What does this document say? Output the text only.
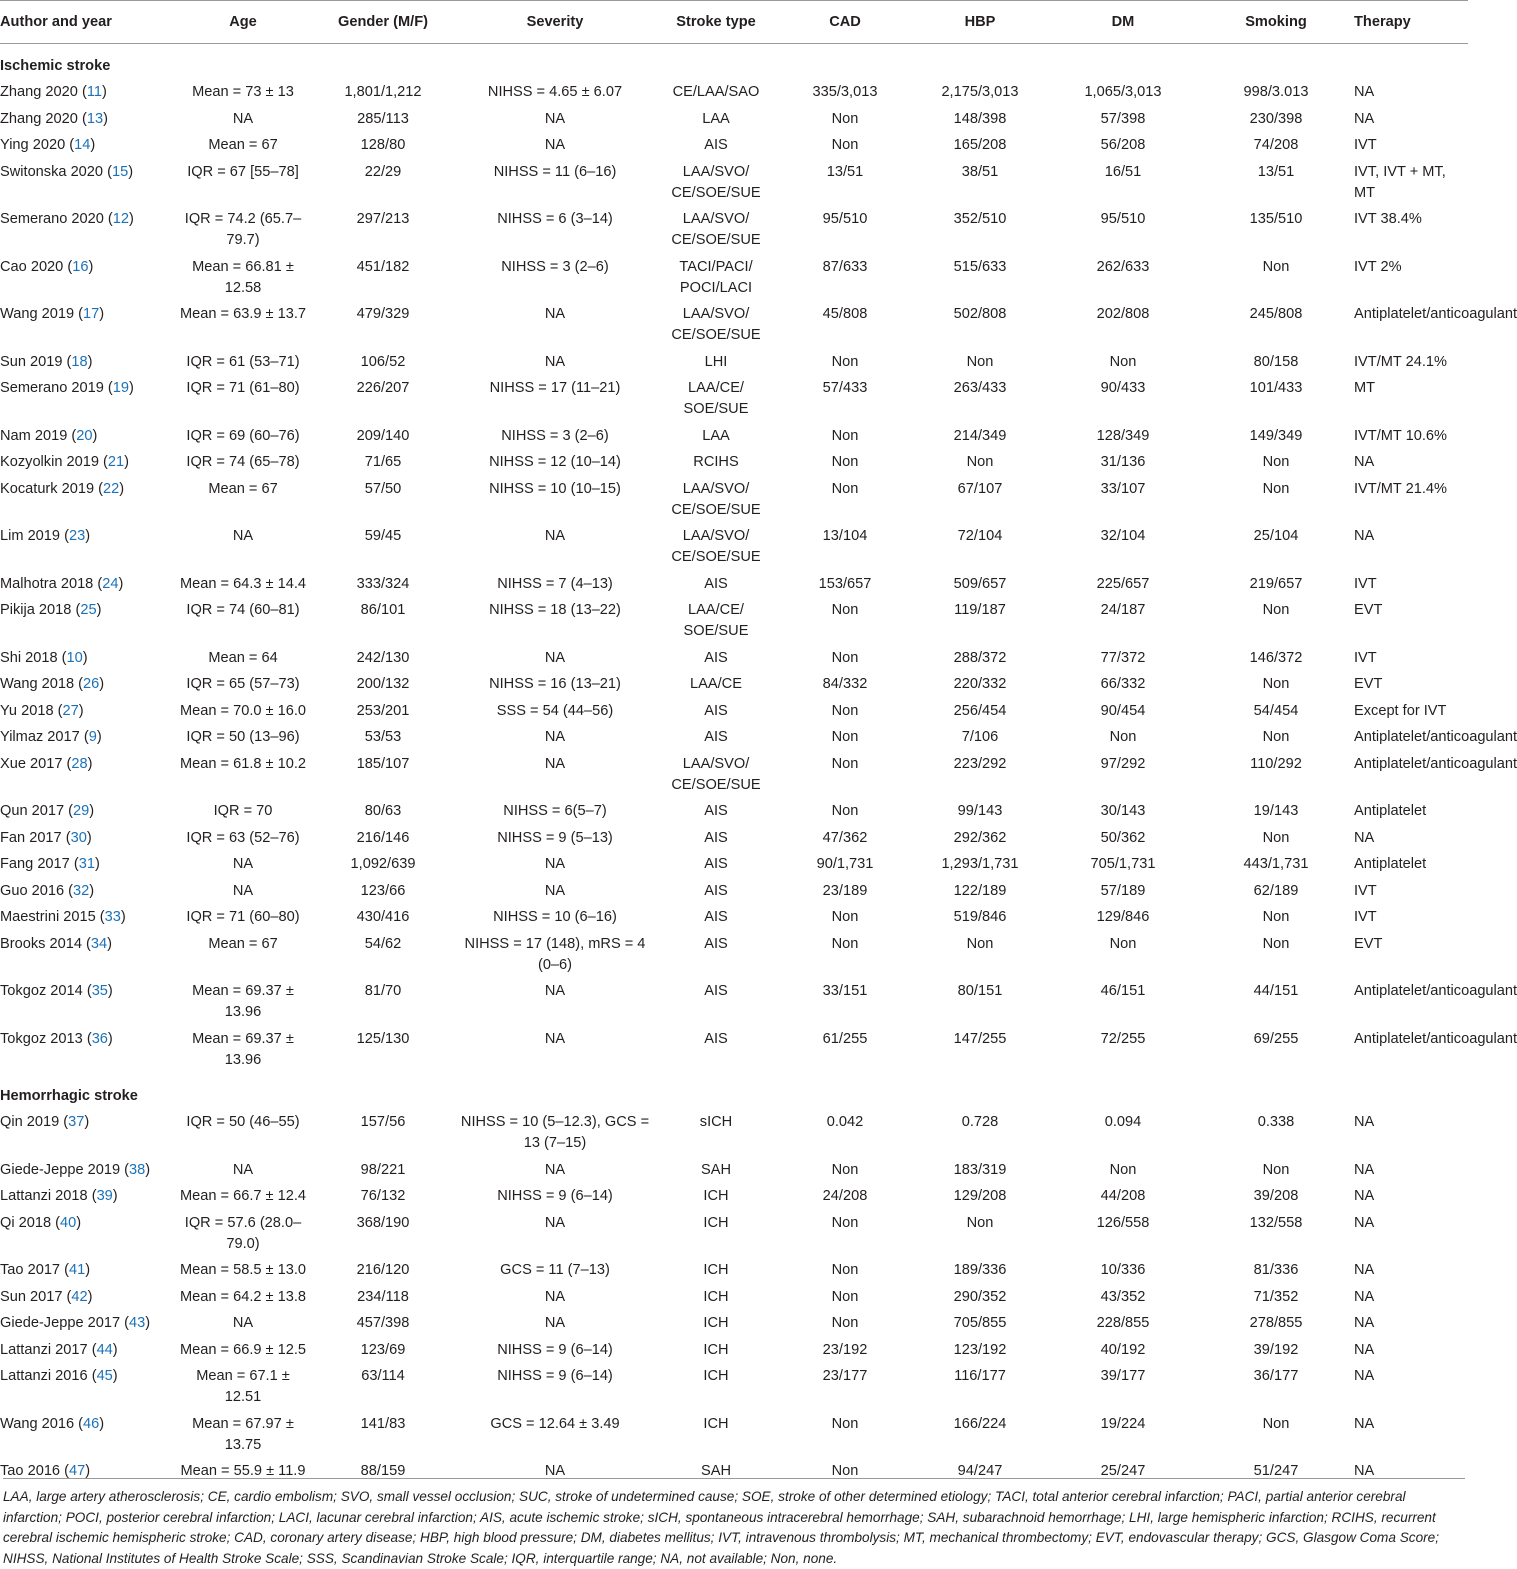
Author and year	Age	Gender (M/F)	Severity	Stroke type	CAD	HBP	DM	Smoking	Therapy
Ischemic stroke									
Zhang 2020 (11)	Mean = 73 ± 13	1,801/1,212	NIHSS = 4.65 ± 6.07	CE/LAA/SAO	335/3,013	2,175/3,013	1,065/3,013	998/3.013	NA
Zhang 2020 (13)	NA	285/113	NA	LAA	Non	148/398	57/398	230/398	NA
Ying 2020 (14)	Mean = 67	128/80	NA	AIS	Non	165/208	56/208	74/208	IVT
Switonska 2020 (15)	IQR = 67 [55–78]	22/29	NIHSS = 11 (6–16)	LAA/SVO/ CE/SOE/SUE	13/51	38/51	16/51	13/51	IVT, IVT + MT, MT
Semerano 2020 (12)	IQR = 74.2 (65.7–79.7)	297/213	NIHSS = 6 (3–14)	LAA/SVO/ CE/SOE/SUE	95/510	352/510	95/510	135/510	IVT 38.4%
Cao 2020 (16)	Mean = 66.81 ± 12.58	451/182	NIHSS = 3 (2–6)	TACI/PACI/ POCI/LACI	87/633	515/633	262/633	Non	IVT 2%
Wang 2019 (17)	Mean = 63.9 ± 13.7	479/329	NA	LAA/SVO/ CE/SOE/SUE	45/808	502/808	202/808	245/808	Antiplatelet/anticoagulant
Sun 2019 (18)	IQR = 61 (53–71)	106/52	NA	LHI	Non	Non	Non	80/158	IVT/MT 24.1%
Semerano 2019 (19)	IQR = 71 (61–80)	226/207	NIHSS = 17 (11–21)	LAA/CE/ SOE/SUE	57/433	263/433	90/433	101/433	MT
Nam 2019 (20)	IQR = 69 (60–76)	209/140	NIHSS = 3 (2–6)	LAA	Non	214/349	128/349	149/349	IVT/MT 10.6%
Kozyolkin 2019 (21)	IQR = 74 (65–78)	71/65	NIHSS = 12 (10–14)	RCIHS	Non	Non	31/136	Non	NA
Kocaturk 2019 (22)	Mean = 67	57/50	NIHSS = 10 (10–15)	LAA/SVO/ CE/SOE/SUE	Non	67/107	33/107	Non	IVT/MT 21.4%
Lim 2019 (23)	NA	59/45	NA	LAA/SVO/ CE/SOE/SUE	13/104	72/104	32/104	25/104	NA
Malhotra 2018 (24)	Mean = 64.3 ± 14.4	333/324	NIHSS = 7 (4–13)	AIS	153/657	509/657	225/657	219/657	IVT
Pikija 2018 (25)	IQR = 74 (60–81)	86/101	NIHSS = 18 (13–22)	LAA/CE/ SOE/SUE	Non	119/187	24/187	Non	EVT
Shi 2018 (10)	Mean = 64	242/130	NA	AIS	Non	288/372	77/372	146/372	IVT
Wang 2018 (26)	IQR = 65 (57–73)	200/132	NIHSS = 16 (13–21)	LAA/CE	84/332	220/332	66/332	Non	EVT
Yu 2018 (27)	Mean = 70.0 ± 16.0	253/201	SSS = 54 (44–56)	AIS	Non	256/454	90/454	54/454	Except for IVT
Yilmaz 2017 (9)	IQR = 50 (13–96)	53/53	NA	AIS	Non	7/106	Non	Non	Antiplatelet/anticoagulant
Xue 2017 (28)	Mean = 61.8 ± 10.2	185/107	NA	LAA/SVO/ CE/SOE/SUE	Non	223/292	97/292	110/292	Antiplatelet/anticoagulant
Qun 2017 (29)	IQR = 70	80/63	NIHSS = 6(5–7)	AIS	Non	99/143	30/143	19/143	Antiplatelet
Fan 2017 (30)	IQR = 63 (52–76)	216/146	NIHSS = 9 (5–13)	AIS	47/362	292/362	50/362	Non	NA
Fang 2017 (31)	NA	1,092/639	NA	AIS	90/1,731	1,293/1,731	705/1,731	443/1,731	Antiplatelet
Guo 2016 (32)	NA	123/66	NA	AIS	23/189	122/189	57/189	62/189	IVT
Maestrini 2015 (33)	IQR = 71 (60–80)	430/416	NIHSS = 10 (6–16)	AIS	Non	519/846	129/846	Non	IVT
Brooks 2014 (34)	Mean = 67	54/62	NIHSS = 17 (148), mRS = 4 (0–6)	AIS	Non	Non	Non	Non	EVT
Tokgoz 2014 (35)	Mean = 69.37 ± 13.96	81/70	NA	AIS	33/151	80/151	46/151	44/151	Antiplatelet/anticoagulant
Tokgoz 2013 (36)	Mean = 69.37 ± 13.96	125/130	NA	AIS	61/255	147/255	72/255	69/255	Antiplatelet/anticoagulant
Hemorrhagic stroke									
Qin 2019 (37)	IQR = 50 (46–55)	157/56	NIHSS = 10 (5–12.3), GCS = 13 (7–15)	sICH	0.042	0.728	0.094	0.338	NA
Giede-Jeppe 2019 (38)	NA	98/221	NA	SAH	Non	183/319	Non	Non	NA
Lattanzi 2018 (39)	Mean = 66.7 ± 12.4	76/132	NIHSS = 9 (6–14)	ICH	24/208	129/208	44/208	39/208	NA
Qi 2018 (40)	IQR = 57.6 (28.0–79.0)	368/190	NA	ICH	Non	Non	126/558	132/558	NA
Tao 2017 (41)	Mean = 58.5 ± 13.0	216/120	GCS = 11 (7–13)	ICH	Non	189/336	10/336	81/336	NA
Sun 2017 (42)	Mean = 64.2 ± 13.8	234/118	NA	ICH	Non	290/352	43/352	71/352	NA
Giede-Jeppe 2017 (43)	NA	457/398	NA	ICH	Non	705/855	228/855	278/855	NA
Lattanzi 2017 (44)	Mean = 66.9 ± 12.5	123/69	NIHSS = 9 (6–14)	ICH	23/192	123/192	40/192	39/192	NA
Lattanzi 2016 (45)	Mean = 67.1 ± 12.51	63/114	NIHSS = 9 (6–14)	ICH	23/177	116/177	39/177	36/177	NA
Wang 2016 (46)	Mean = 67.97 ± 13.75	141/83	GCS = 12.64 ± 3.49	ICH	Non	166/224	19/224	Non	NA
Tao 2016 (47)	Mean = 55.9 ± 11.9	88/159	NA	SAH	Non	94/247	25/247	51/247	NA
LAA, large artery atherosclerosis; CE, cardio embolism; SVO, small vessel occlusion; SUC, stroke of undetermined cause; SOE, stroke of other determined etiology; TACI, total anterior cerebral infarction; PACI, partial anterior cerebral infarction; POCI, posterior cerebral infarction; LACI, lacunar cerebral infarction; AIS, acute ischemic stroke; sICH, spontaneous intracerebral hemorrhage; SAH, subarachnoid hemorrhage; LHI, large hemispheric infarction; RCIHS, recurrent cerebral ischemic hemispheric stroke; CAD, coronary artery disease; HBP, high blood pressure; DM, diabetes mellitus; IVT, intravenous thrombolysis; MT, mechanical thrombectomy; EVT, endovascular therapy; GCS, Glasgow Coma Score; NIHSS, National Institutes of Health Stroke Scale; SSS, Scandinavian Stroke Scale; IQR, interquartile range; NA, not available; Non, none.
